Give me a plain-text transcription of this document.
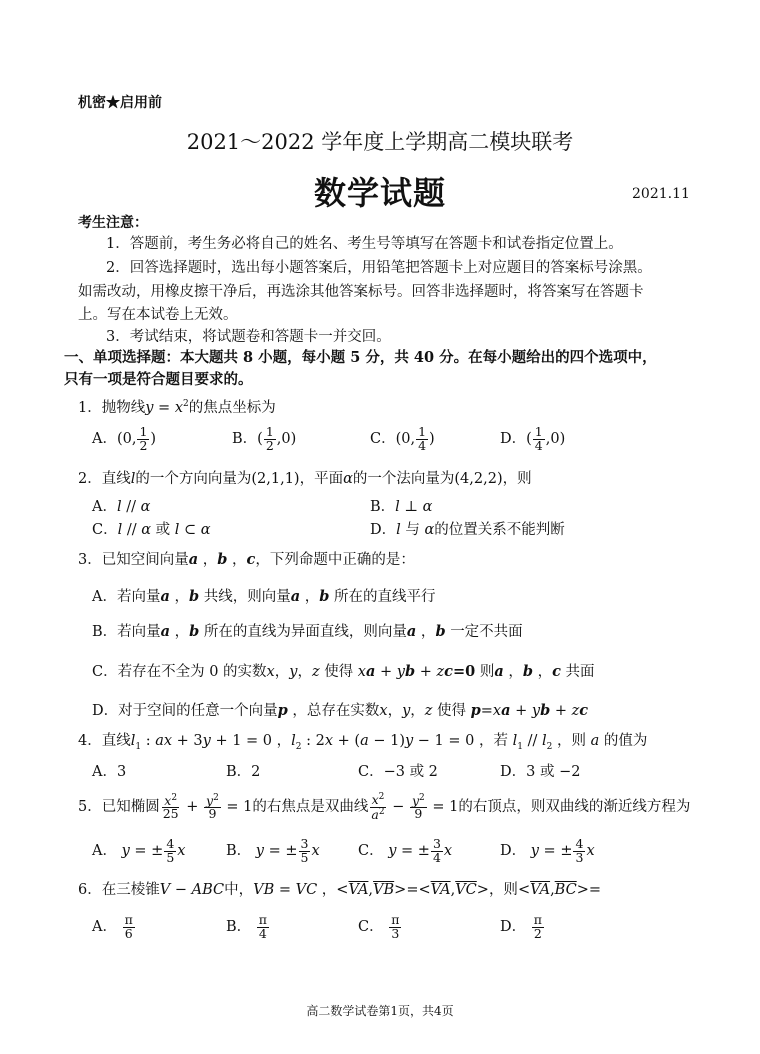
机密★启用前
2021～2022 学年度上学期高二模块联考
数学试题	2021.11
考生注意：
1．答题前，考生务必将自己的姓名、考生号等填写在答题卡和试卷指定位置上。
2．回答选择题时，选出每小题答案后，用铅笔把答题卡上对应题目的答案标号涂黑。
如需改动，用橡皮擦干净后，再选涂其他答案标号。回答非选择题时，将答案写在答题卡
上。写在本试卷上无效。
3．考试结束，将试题卷和答题卡一并交回。
一、单项选择题：本大题共 8 小题，每小题 5 分，共 40 分。在每小题给出的四个选项中，
只有一项是符合题目要求的。
1．抛物线$y = x^2$的焦点坐标为
A．(0, $\frac{1}{2}$ )	B．( $\frac{1}{2} ,0$)	C．(0, $\frac{1}{4}$ )	D．( $\frac{1}{4} ,0$)
2．直线l的一个方向向量为(2,1,1)，平面α的一个法向量为(4,2,2)，则
A．l // α	B．l ⊥ α
C．l // α 或 l ⊂ α	D．l 与 α的位置关系不能判断
3．已知空间向量a ，b ，c，下列命题中正确的是：
A．若向量a ，b 共线，则向量a ，b 所在的直线平行
B．若向量a ，b 所在的直线为异面直线，则向量a ，b 一定不共面
C．若存在不全为 0 的实数x，y，z 使得 xa + yb + zc=0 则a ，b ，c 共面
D．对于空间的任意一个向量p ，总存在实数x，y，z 使得 p=xa + yb + zc
4．直线$l_1$ : ax + 3y + 1 = 0 ，$l_2$ : 2x + (a − 1)y − 1 = 0 ，若 $l_1 // l_2$ ，则 a 的值为
A．3	B．2	C．−3 或 2	D．3 或 −2
5．已知椭圆 $\frac{x^2}{25} + \frac{y^2}{9} = 1$的右焦点是双曲线 $\frac{x^2}{a^2} - \frac{y^2}{9} = 1$的右顶点，则双曲线的渐近线方程为
A． y = ± $\frac{4}{5}$ x	B． y = ± $\frac{3}{5}$ x	C． y = ± $\frac{3}{4}$ x	D． y = ± $\frac{4}{3}$ x
6．在三棱锥V − ABC中，VB = VC ，$<\overline{VA},\overline{VB}>=<\overline{VA},\overline{VC}>$，则$<\overline{VA},\overline{BC}>=$
A． $\frac{\pi}{6}$	B． $\frac{\pi}{4}$	C． $\frac{\pi}{3}$	D． $\frac{\pi}{2}$
高二数学试卷第1页，共4页
